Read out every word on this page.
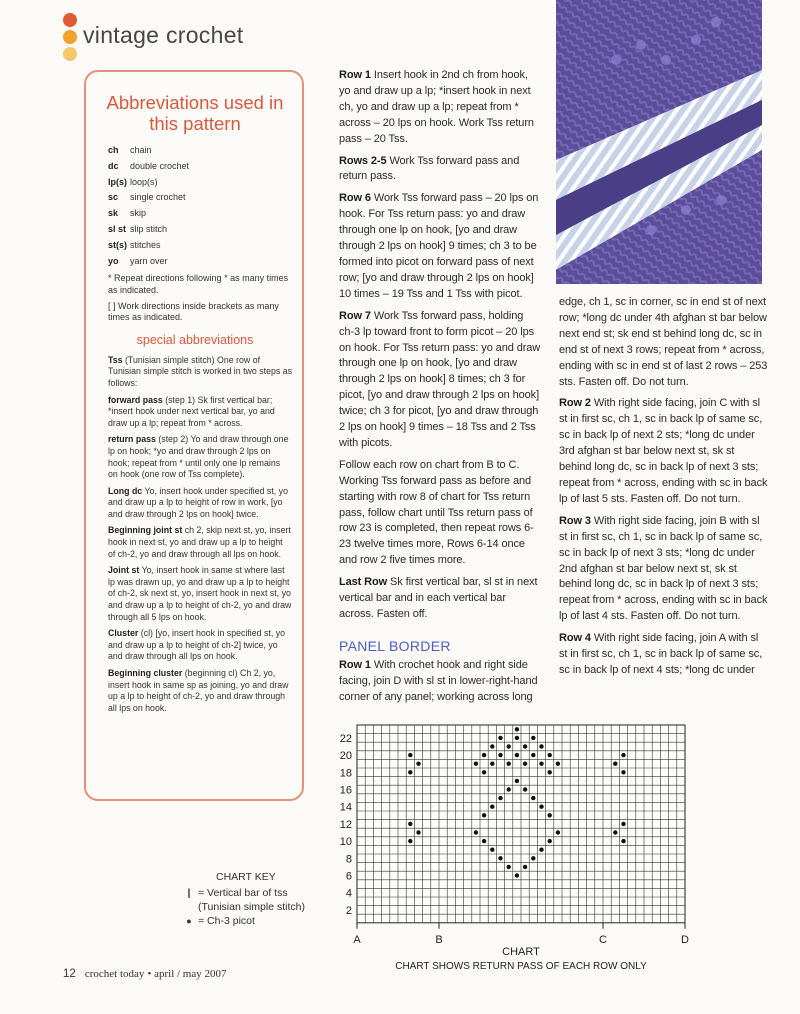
vintage crochet
Abbreviations used in this pattern
ch chain
dc double crochet
lp(s) loop(s)
sc single crochet
sk skip
sl st slip stitch
st(s) stitches
yo yarn over
* Repeat directions following * as many times as indicated.
[ ] Work directions inside brackets as many times as indicated.
special abbreviations
Tss (Tunisian simple stitch) One row of Tunisian simple stitch is worked in two steps as follows:
forward pass (step 1) Sk first vertical bar; *insert hook under next vertical bar, yo and draw up a lp; repeat from * across.
return pass (step 2) Yo and draw through one lp on hook; *yo and draw through 2 lps on hook; repeat from * until only one lp remains on hook (one row of Tss complete).
Long dc Yo, insert hook under specified st, yo and draw up a lp to height of row in work, [yo and draw through 2 lps on hook] twice.
Beginning joint st ch 2, skip next st, yo, insert hook in next st, yo and draw up a lp to height of ch-2, yo and draw through all lps on hook.
Joint st Yo, insert hook in same st where last lp was drawn up, yo and draw up a lp to height of ch-2, sk next st, yo, insert hook in next st, yo and draw up a lp to height of ch-2, yo and draw through all 5 lps on hook.
Cluster (cl) [yo, insert hook in specified st, yo and draw up a lp to height of ch-2] twice, yo and draw through all lps on hook.
Beginning cluster (beginning cl) Ch 2, yo, insert hook in same sp as joining, yo and draw up a lp to height of ch-2, yo and draw through all lps on hook.
CHART KEY
| = Vertical bar of tss
(Tunisian simple stitch)
● = Ch-3 picot

Row 1 Insert hook in 2nd ch from hook, yo and draw up a lp; *insert hook in next ch, yo and draw up a lp; repeat from * across – 20 lps on hook. Work Tss return pass – 20 Tss.

Rows 2-5 Work Tss forward pass and return pass.

Row 6 Work Tss forward pass – 20 lps on hook. For Tss return pass: yo and draw through one lp on hook, [yo and draw through 2 lps on hook] 9 times; ch 3 to be formed into picot on forward pass of next row; [yo and draw through 2 lps on hook] 10 times – 19 Tss and 1 Tss with picot.

Row 7 Work Tss forward pass, holding ch-3 lp toward front to form picot – 20 lps on hook. For Tss return pass: yo and draw through one lp on hook, [yo and draw through 2 lps on hook] 8 times; ch 3 for picot, [yo and draw through 2 lps on hook] twice; ch 3 for picot, [yo and draw through 2 lps on hook] 9 times – 18 Tss and 2 Tss with picots.

Follow each row on chart from B to C. Working Tss forward pass as before and starting with row 8 of chart for Tss return pass, follow chart until Tss return pass of row 23 is completed, then repeat rows 6-23 twelve times more, Rows 6-14 once and row 2 five times more.

Last Row Sk first vertical bar, sl st in next vertical bar and in each vertical bar across. Fasten off.

PANEL BORDER

Row 1 With crochet hook and right side facing, join D with sl st in lower-right-hand corner of any panel; working across long

edge, ch 1, sc in corner, sc in end st of next row; *long dc under 4th afghan st bar below next end st; sk end st behind long dc, sc in end st of next 3 rows; repeat from * across, ending with sc in end st of last 2 rows – 253 sts. Fasten off. Do not turn.

Row 2 With right side facing, join C with sl st in first sc, ch 1, sc in back lp of same sc, sc in back lp of next 2 sts; *long dc under 3rd afghan st bar below next st, sk st behind long dc, sc in back lp of next 3 sts; repeat from * across, ending with sc in back lp of last 5 sts. Fasten off. Do not turn.

Row 3 With right side facing, join B with sl st in first sc, ch 1, sc in back lp of same sc, sc in back lp of next 3 sts; *long dc under 2nd afghan st bar below next st, sk st behind long dc, sc in back lp of next 3 sts; repeat from * across, ending with sc in back lp of last 4 sts. Fasten off. Do not turn.

Row 4 With right side facing, join A with sl st in first sc, ch 1, sc in back lp of same sc, sc in back lp of next 4 sts; *long dc under

2
4
6
8
10
12
14
16
18
20
22
A	B	C	D
CHART
CHART SHOWS RETURN PASS OF EACH ROW ONLY
12 crochet today • april / may 2007
